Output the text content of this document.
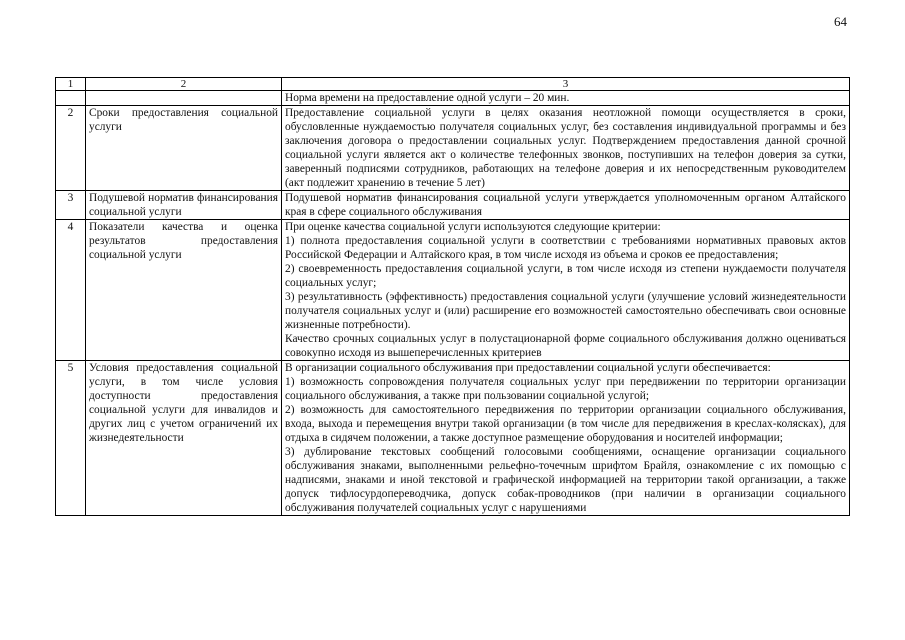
64
1	2	3

		Норма времени на предоставление одной услуги – 20 мин.

2	Сроки предоставления социальной услуги	Предоставление социальной услуги в целях оказания неотложной помощи осуществляется в сроки, обусловленные нуждаемостью получателя социальных услуг, без составления индивидуальной программы и без заключения договора о предоставлении социальных услуг. Подтверждением предоставления данной срочной социальной услуги является акт о количестве телефонных звонков, поступивших на телефон доверия за сутки, заверенный подписями сотрудников, работающих на телефоне доверия и их непосредственным руководителем (акт подлежит хранению в течение 5 лет)

3	Подушевой норматив финансирования социальной услуги	Подушевой норматив финансирования социальной услуги утверждается уполномоченным органом Алтайского края в сфере социального обслуживания

4	Показатели качества и оценка результатов предоставления социальной услуги	При оценке качества социальной услуги используются следующие критерии:
1) полнота предоставления социальной услуги в соответствии с требованиями нормативных правовых актов Российской Федерации и Алтайского края, в том числе исходя из объема и сроков ее предоставления;
2) своевременность предоставления социальной услуги, в том числе исходя из степени нуждаемости получателя социальных услуг;
3) результативность (эффективность) предоставления социальной услуги (улучшение условий жизнедеятельности получателя социальных услуг и (или) расширение его возможностей самостоятельно обеспечивать свои основные жизненные потребности).
Качество срочных социальных услуг в полустационарной форме социального обслуживания должно оцениваться совокупно исходя из вышеперечисленных критериев

5	Условия предоставления социальной услуги, в том числе условия доступности предоставления социальной услуги для инвалидов и других лиц с учетом ограничений их жизнедеятельности	В организации социального обслуживания при предоставлении социальной услуги обеспечивается:
1) возможность сопровождения получателя социальных услуг при передвижении по территории организации социального обслуживания, а также при пользовании социальной услугой;
2) возможность для самостоятельного передвижения по территории организации социального обслуживания, входа, выхода и перемещения внутри такой организации (в том числе для передвижения в креслах-колясках), для отдыха в сидячем положении, а также доступное размещение оборудования и носителей информации;
3) дублирование текстовых сообщений голосовыми сообщениями, оснащение организации социального обслуживания знаками, выполненными рельефно-точечным шрифтом Брайля, ознакомление с их помощью с надписями, знаками и иной текстовой и графической информацией на территории такой организации, а также допуск тифлосурдопереводчика, допуск собак-проводников (при наличии в организации социального обслуживания получателей социальных услуг с нарушениями
